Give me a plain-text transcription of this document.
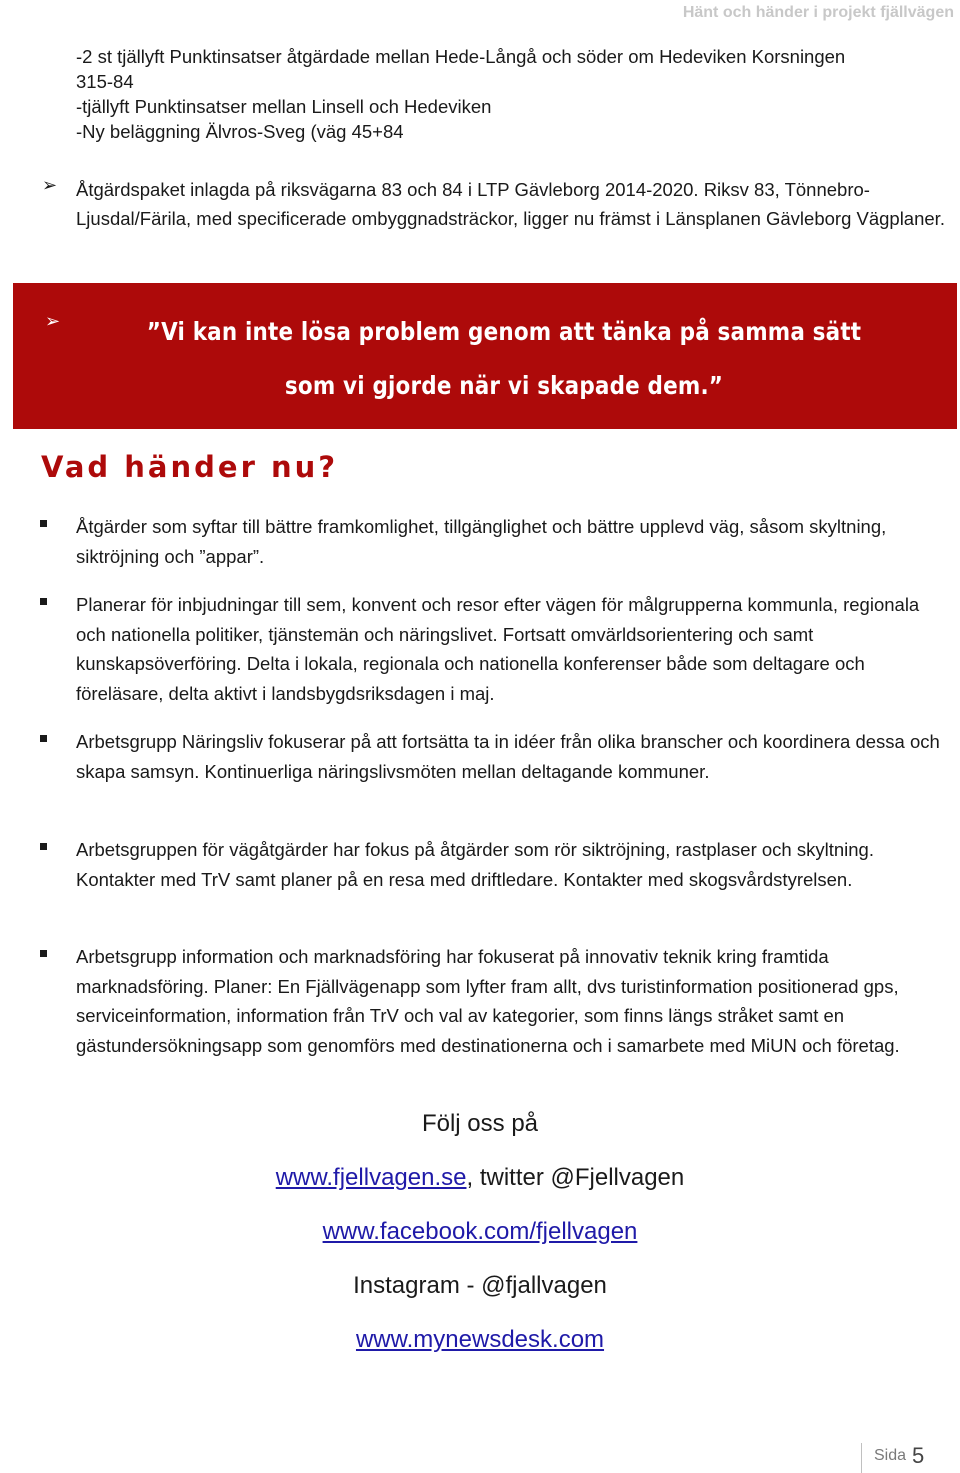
Hänt och händer i projekt fjällvägen
-2 st tjällyft Punktinsatser åtgärdade mellan Hede-Långå och söder om Hedeviken Korsningen
315-84
-tjällyft Punktinsatser mellan Linsell och Hedeviken
-Ny beläggning Älvros-Sveg (väg 45+84
➢ Åtgärdspaket inlagda på riksvägarna 83 och 84 i LTP Gävleborg 2014-2020. Riksv 83, Tönnebro-Ljusdal/Färila, med specificerade ombyggnadsträckor, ligger nu främst i Länsplanen Gävleborg Vägplaner.
➢	”Vi kan inte lösa problem genom att tänka på samma sätt som vi gjorde när vi skapade dem.”
Vad händer nu?
Åtgärder som syftar till bättre framkomlighet, tillgänglighet och bättre upplevd väg, såsom skyltning, siktröjning och ”appar”.
Planerar för inbjudningar till sem, konvent och resor efter vägen för målgrupperna kommunla, regionala och nationella politiker, tjänstemän och näringslivet. Fortsatt omvärldsorientering och samt kunskapsöverföring. Delta i lokala, regionala och nationella konferenser både som deltagare och föreläsare, delta aktivt i landsbygdsriksdagen i maj.
Arbetsgrupp Näringsliv fokuserar på att fortsätta ta in idéer från olika branscher och koordinera dessa och skapa samsyn. Kontinuerliga näringslivsmöten mellan deltagande kommuner.
Arbetsgruppen för vägåtgärder har fokus på åtgärder som rör siktröjning, rastplaser och skyltning. Kontakter med TrV samt planer på en resa med driftledare. Kontakter med skogsvårdstyrelsen.
Arbetsgrupp information och marknadsföring har fokuserat på innovativ teknik kring framtida marknadsföring. Planer: En Fjällvägenapp som lyfter fram allt, dvs turistinformation positionerad gps, serviceinformation, information från TrV och val av kategorier, som finns längs stråket samt en gästundersökningsapp som genomförs med destinationerna och i samarbete med MiUN och företag.
Följ oss på
www.fjellvagen.se, twitter @Fjellvagen
www.facebook.com/fjellvagen
Instagram - @fjallvagen
www.mynewsdesk.com
Sida 5
